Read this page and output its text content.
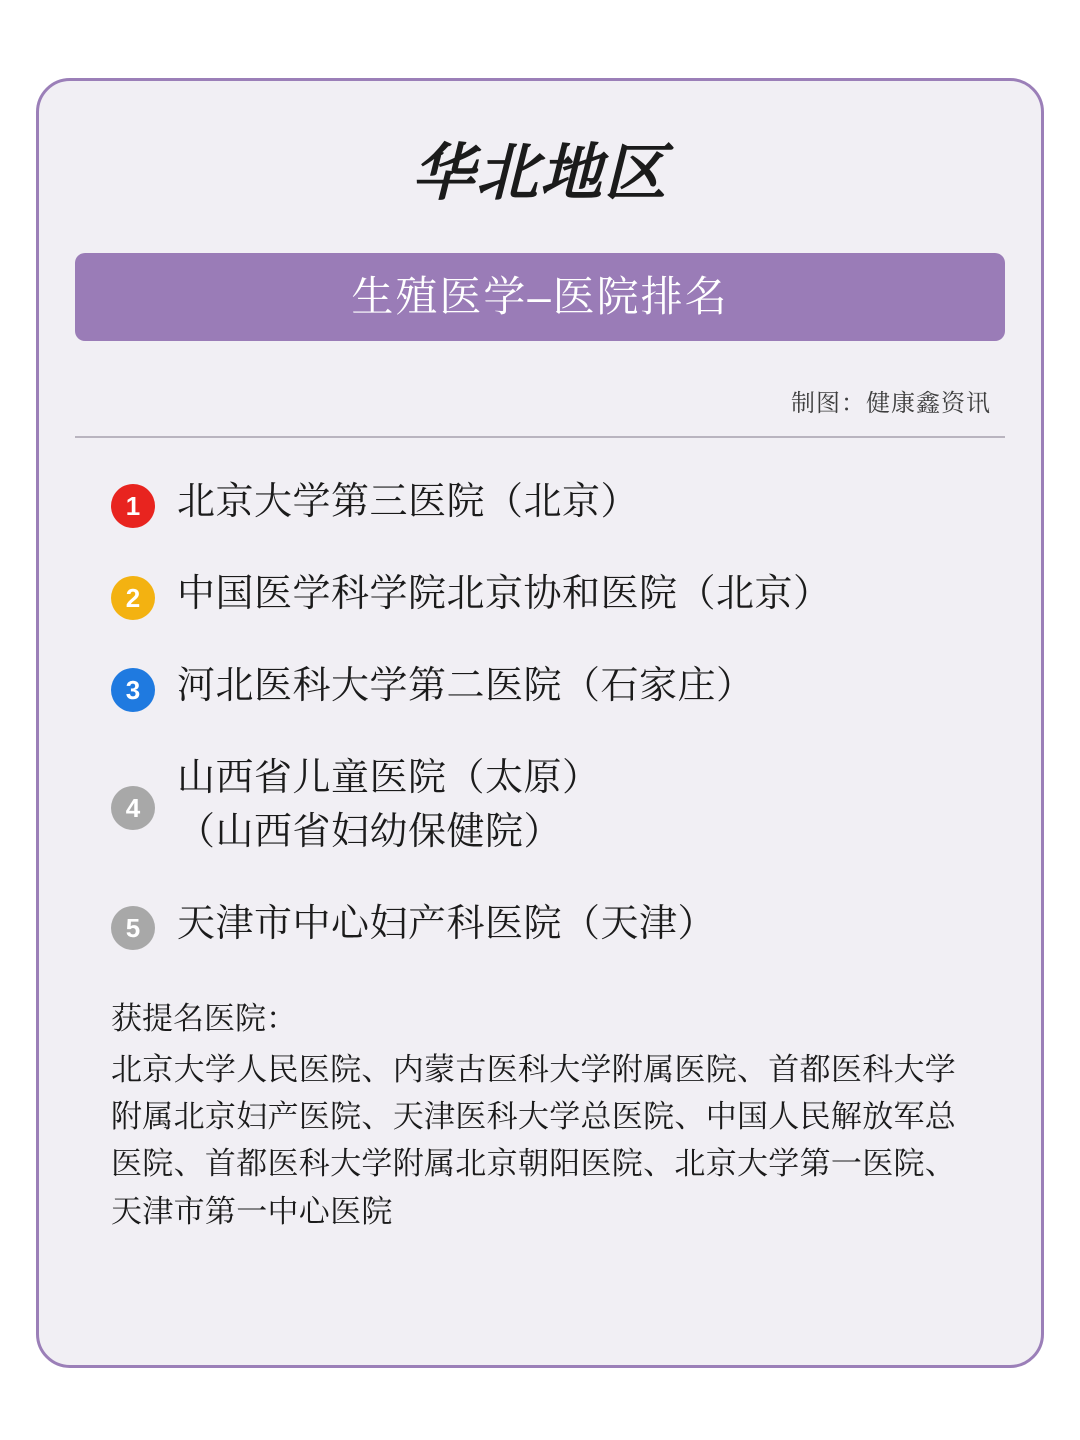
华北地区
生殖医学–医院排名
制图：健康鑫资讯
1 北京大学第三医院（北京）
2 中国医学科学院北京协和医院（北京）
3 河北医科大学第二医院（石家庄）
4
山西省儿童医院（太原）
（山西省妇幼保健院）
5 天津市中心妇产科医院（天津）
获提名医院：
北京大学人民医院、内蒙古医科大学附属医院、首都医科大学附属北京妇产医院、天津医科大学总医院、中国人民解放军总医院、首都医科大学附属北京朝阳医院、北京大学第一医院、天津市第一中心医院
